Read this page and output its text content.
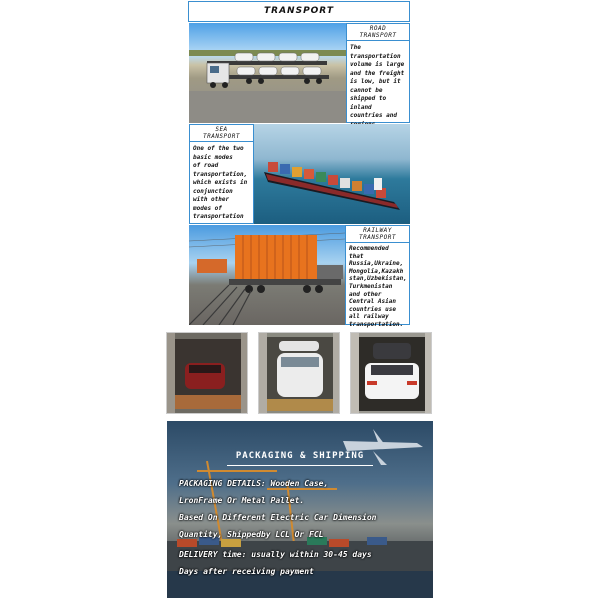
TRANSPORT
ROAD
TRANSPORT
The
transportation
volume is large
and the freight
is low, but it
cannot be
shipped to
inland
countries and
SEA
TRANSPORT
One of the two
basic modes
of road
transportation,
which exists in
conjunction
with other
modes of
transportation
RAILWAY
TRANSPORT
Recommended
that
Russia,Ukraine,
Mongolia,Kazakh
stan,Uzbekistan,
Turkmenistan
and other
Central Asian
countries use
all railway
transportation.
PACKAGING & SHIPPING
PACKAGING DETAILS: Wooden Case,
LronFrame Or Metal Pallet.
Based On Different Electric Car Dimension
Quantity, Shippedby LCL Or FCL
DELIVERY time: usually within 30-45 days
Days after receiving payment
